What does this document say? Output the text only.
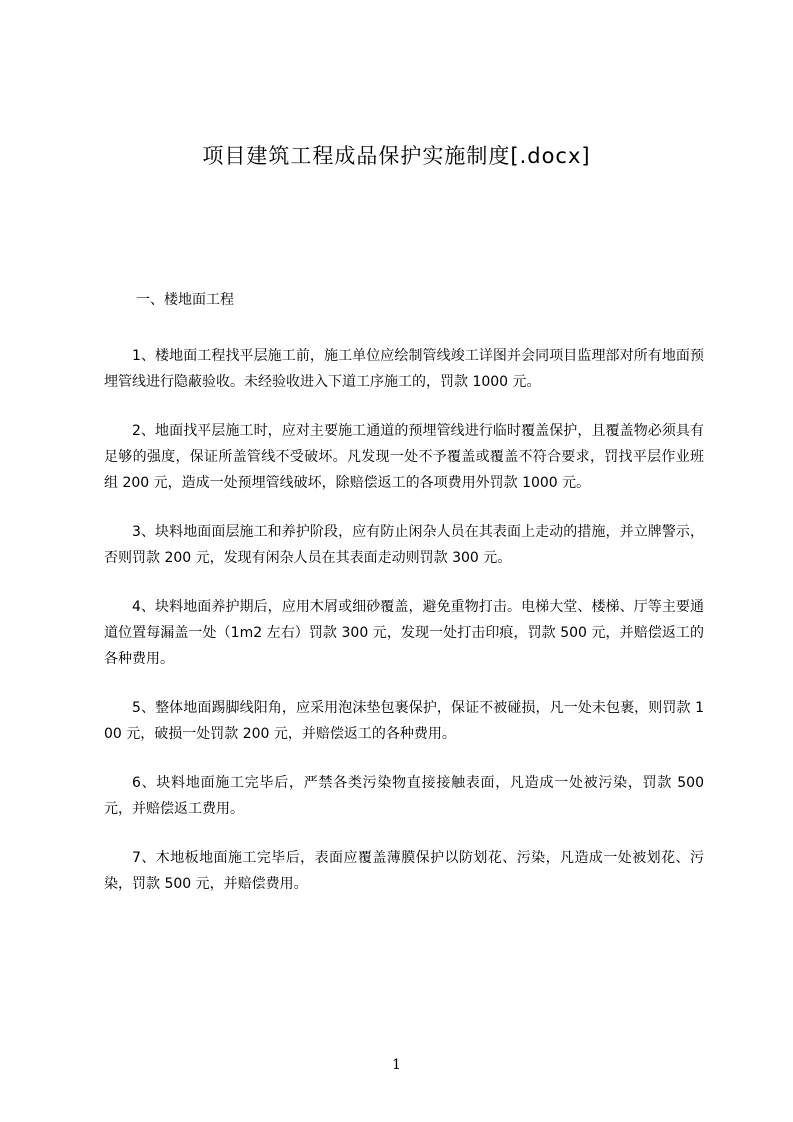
项目建筑工程成品保护实施制度[.docx]
一、楼地面工程

1、楼地面工程找平层施工前，施工单位应绘制管线竣工详图并会同项目监理部对所有地面预埋管线进行隐蔽验收。未经验收进入下道工序施工的，罚款 1000 元。

2、地面找平层施工时，应对主要施工通道的预埋管线进行临时覆盖保护，且覆盖物必须具有足够的强度，保证所盖管线不受破坏。凡发现一处不予覆盖或覆盖不符合要求，罚找平层作业班组 200 元，造成一处预埋管线破坏，除赔偿返工的各项费用外罚款 1000 元。

3、块料地面面层施工和养护阶段，应有防止闲杂人员在其表面上走动的措施，并立牌警示，否则罚款 200 元，发现有闲杂人员在其表面走动则罚款 300 元。

4、块料地面养护期后，应用木屑或细砂覆盖，避免重物打击。电梯大堂、楼梯、厅等主要通道位置每漏盖一处（1m2 左右）罚款 300 元，发现一处打击印痕，罚款 500 元，并赔偿返工的各种费用。

5、整体地面踢脚线阳角，应采用泡沫垫包裹保护，保证不被碰损，凡一处未包裹，则罚款 100 元，破损一处罚款 200 元，并赔偿返工的各种费用。

6、块料地面施工完毕后，严禁各类污染物直接接触表面，凡造成一处被污染，罚款 500 元，并赔偿返工费用。

7、木地板地面施工完毕后，表面应覆盖薄膜保护以防划花、污染，凡造成一处被划花、污染，罚款 500 元，并赔偿费用。

1
